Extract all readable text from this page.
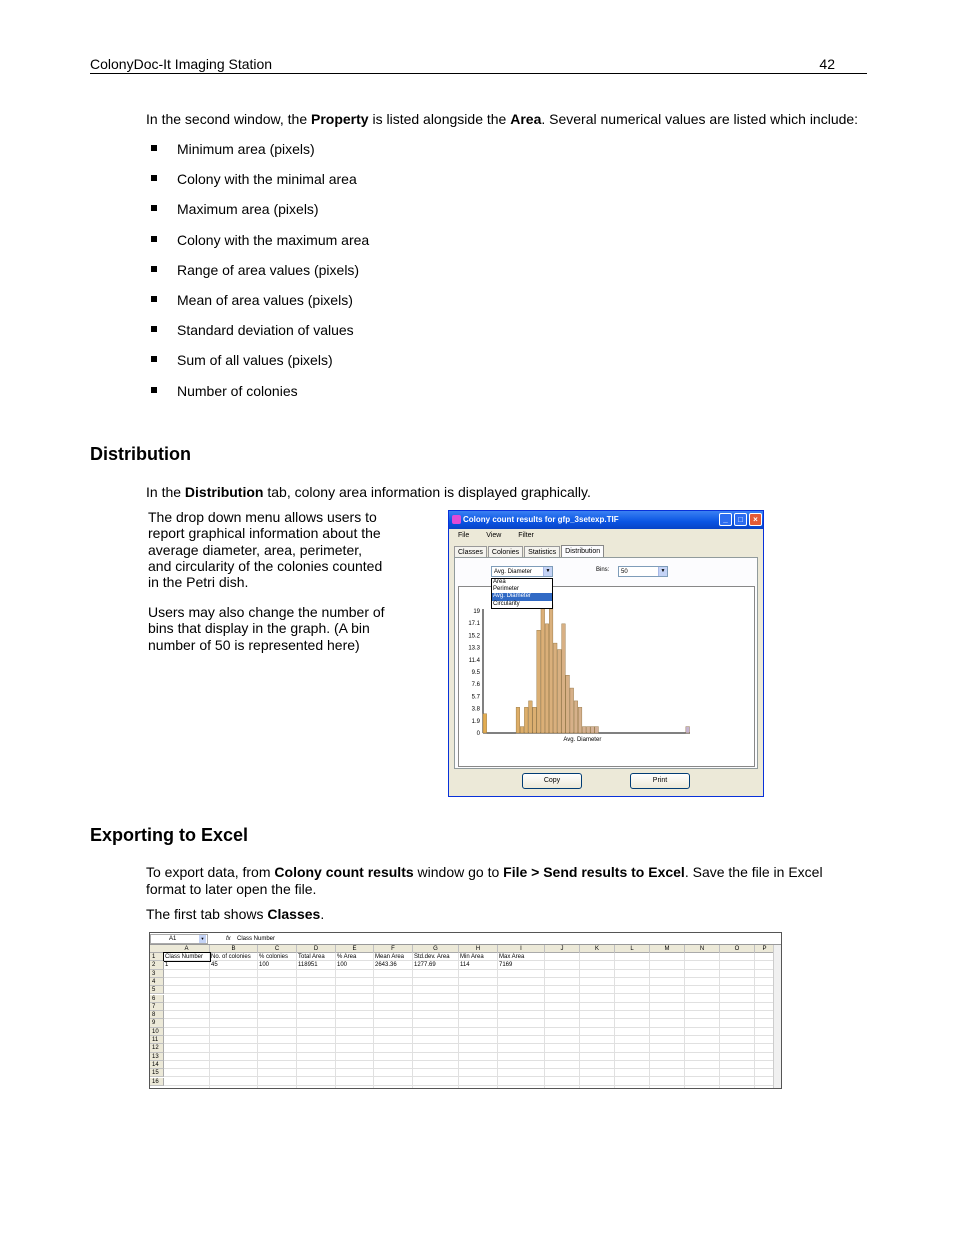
ColonyDoc-It Imaging Station	42
In the second window, the Property is listed alongside the Area. Several numerical values are listed which include:
Minimum area (pixels)
Colony with the minimal area
Maximum area (pixels)
Colony with the maximum area
Range of area values (pixels)
Mean of area values (pixels)
Standard deviation of values
Sum of all values (pixels)
Number of colonies
Distribution
In the Distribution tab, colony area information is displayed graphically.
The drop down menu allows users to report graphical information about the average diameter, area, perimeter, and circularity of the colonies counted in the Petri dish.
Users may also change the number of bins that display in the graph. (A bin number of 50 is represented here)
Colony count results for gfp_3setexp.TIF	_	□	×
File View Filter
Classes	Colonies	Statistics	Distribution
Avg. Diameter	▼
Area
Perimeter
Avg. Diameter
Circularity
Bins:	50	▼
19
17.1
15.2
13.3
11.4
9.5
7.6
5.7
3.8
1.9
0
Avg. Diameter
Copy	Print
Exporting to Excel
To export data, from Colony count results window go to File > Send results to Excel. Save the file in Excel format to later open the file.
The first tab shows Classes.
A1	▼	fx Class Number
A	B	C	D	E	F	G	H	I	J	K	L	M	N	O	P
1	Class Number	No. of colonies	% colonies	Total Area	% Area	Mean Area	Std.dev. Area	Min Area	Max Area
2	1	45	100	118951	100	2643.36	1277.69	114	7169
3
4
5
6
7
8
9
10
11
12
13
14
15
16
